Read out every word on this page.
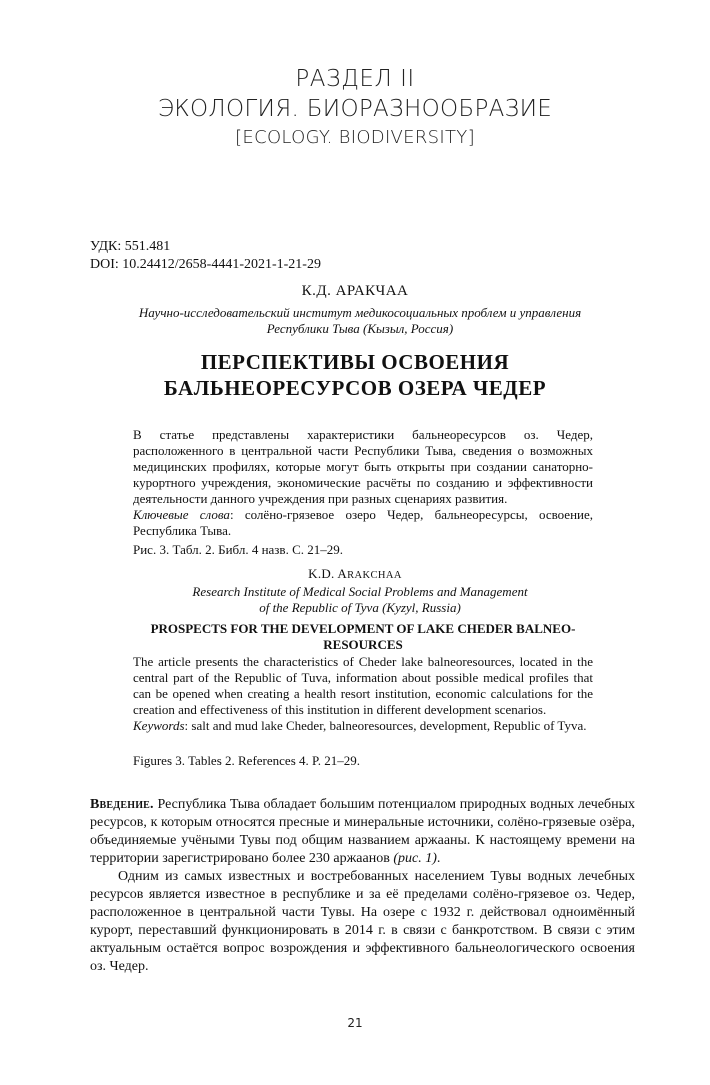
РАЗДЕЛ II
ЭКОЛОГИЯ. БИОРАЗНООБРАЗИЕ
[ECOLOGY. BIODIVERSITY]
УДК: 551.481
DOI: 10.24412/2658-4441-2021-1-21-29
К.Д. АРАКЧАА
Научно-исследовательский институт медикосоциальных проблем и управления
Республики Тыва (Кызыл, Россия)
ПЕРСПЕКТИВЫ ОСВОЕНИЯ
БАЛЬНЕОРЕСУРСОВ ОЗЕРА ЧЕДЕР
В статье представлены характеристики бальнеоресурсов оз. Чедер, расположенного в центральной части Республики Тыва, сведения о возможных медицинских профилях, которые могут быть открыты при создании санаторно-курортного учреждения, экономические расчёты по созданию и эффективности деятельности данного учреждения при разных сценариях развития.
Ключевые слова: солёно-грязевое озеро Чедер, бальнеоресурсы, освоение, Республика Тыва.
Рис. 3. Табл. 2. Библ. 4 назв. С. 21–29.
K.D. ARAKCHAA
Research Institute of Medical Social Problems and Management
of the Republic of Tyva (Kyzyl, Russia)
PROSPECTS FOR THE DEVELOPMENT OF LAKE CHEDER BALNEO-RESOURCES
The article presents the characteristics of Cheder lake balneoresources, located in the central part of the Republic of Tuva, information about possible medical profiles that can be opened when creating a health resort institution, economic calculations for the creation and effectiveness of this institution in different development scenarios.
Keywords: salt and mud lake Cheder, balneoresources, development, Republic of Tyva.
Figures 3. Tables 2. References 4. P. 21–29.
Введение. Республика Тыва обладает большим потенциалом природных водных лечебных ресурсов, к которым относятся пресные и минеральные источники, солёно-грязевые озёра, объединяемые учёными Тувы под общим названием аржааны. К настоящему времени на территории зарегистрировано более 230 аржаанов (рис. 1).
Одним из самых известных и востребованных населением Тувы водных лечебных ресурсов является известное в республике и за её пределами солёно-грязевое оз. Чедер, расположенное в центральной части Тувы. На озере с 1932 г. действовал одноимённый курорт, переставший функционировать в 2014 г. в связи с банкротством. В связи с этим актуальным остаётся вопрос возрождения и эффективного бальнеологического освоения оз. Чедер.
21
